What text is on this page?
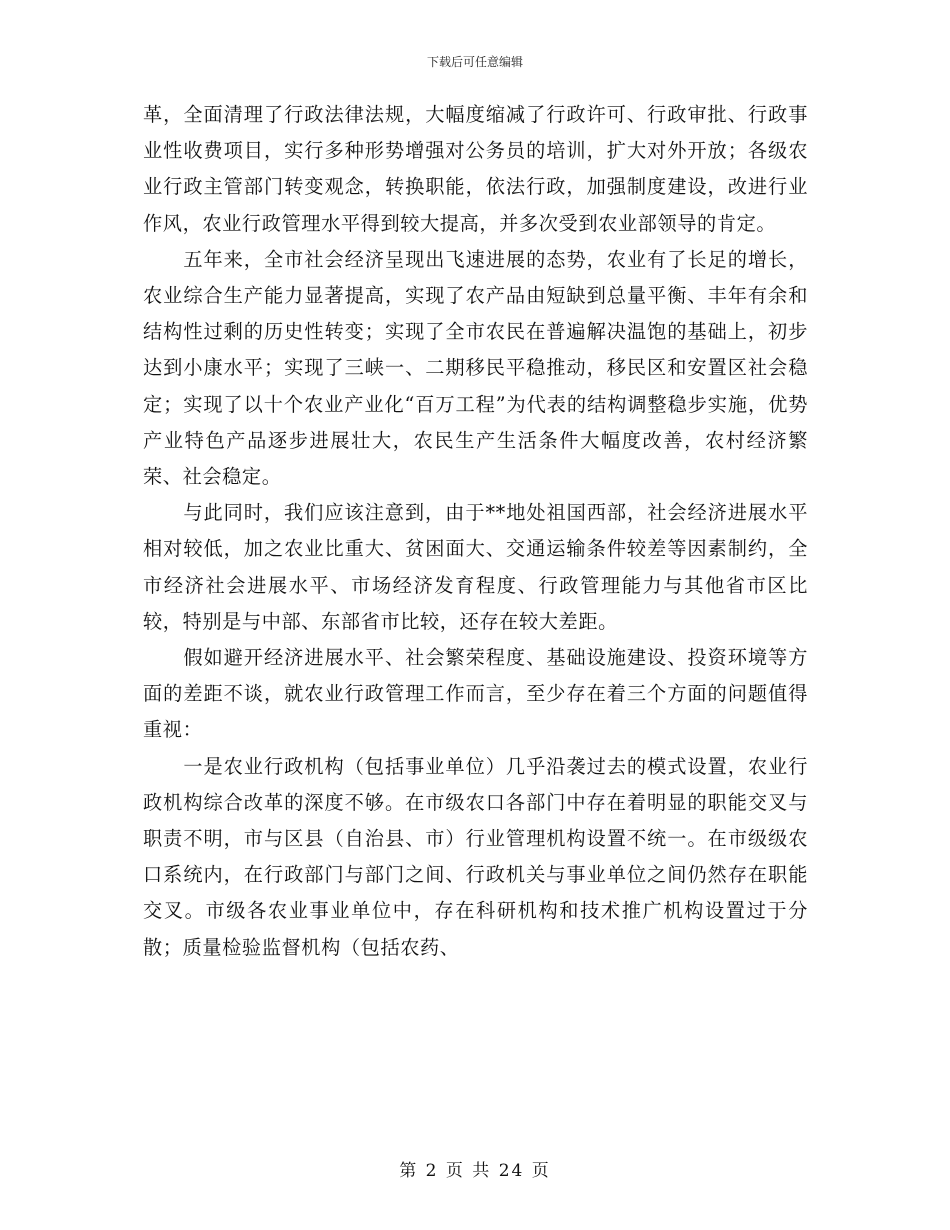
下载后可任意编辑

革，全面清理了行政法律法规，大幅度缩减了行政许可、行政审批、行政事业性收费项目，实行多种形势增强对公务员的培训，扩大对外开放；各级农业行政主管部门转变观念，转换职能，依法行政，加强制度建设，改进行业作风，农业行政管理水平得到较大提高，并多次受到农业部领导的肯定。

五年来，全市社会经济呈现出飞速进展的态势，农业有了长足的增长，农业综合生产能力显著提高，实现了农产品由短缺到总量平衡、丰年有余和结构性过剩的历史性转变；实现了全市农民在普遍解决温饱的基础上，初步达到小康水平；实现了三峡一、二期移民平稳推动，移民区和安置区社会稳定；实现了以十个农业产业化“百万工程”为代表的结构调整稳步实施，优势产业特色产品逐步进展壮大，农民生产生活条件大幅度改善，农村经济繁荣、社会稳定。

与此同时，我们应该注意到，由于**地处祖国西部，社会经济进展水平相对较低，加之农业比重大、贫困面大、交通运输条件较差等因素制约，全市经济社会进展水平、市场经济发育程度、行政管理能力与其他省市区比较，特别是与中部、东部省市比较，还存在较大差距。

假如避开经济进展水平、社会繁荣程度、基础设施建设、投资环境等方面的差距不谈，就农业行政管理工作而言，至少存在着三个方面的问题值得重视：

一是农业行政机构（包括事业单位）几乎沿袭过去的模式设置，农业行政机构综合改革的深度不够。在市级农口各部门中存在着明显的职能交叉与职责不明，市与区县（自治县、市）行业管理机构设置不统一。在市级级农口系统内，在行政部门与部门之间、行政机关与事业单位之间仍然存在职能交叉。市级各农业事业单位中，存在科研机构和技术推广机构设置过于分散；质量检验监督机构（包括农药、

第 2 页 共 24 页
